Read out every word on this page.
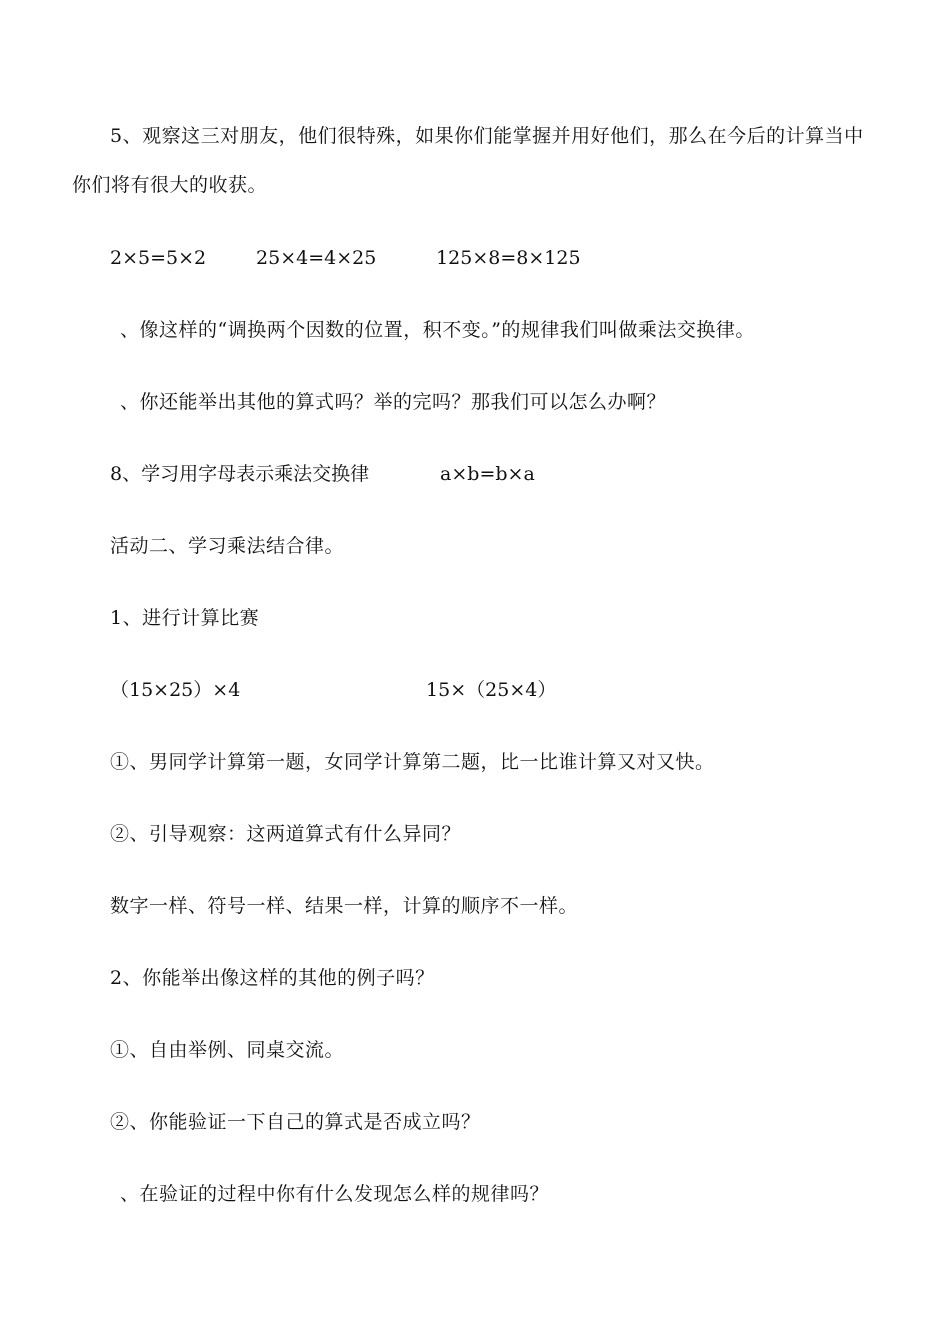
5、观察这三对朋友，他们很特殊，如果你们能掌握并用好他们，那么在今后的计算当中你们将有很大的收获。
2×5=5×2	25×4=4×25	125×8=8×125
、像这样的“调换两个因数的位置，积不变。”的规律我们叫做乘法交换律。
、你还能举出其他的算式吗？举的完吗？那我们可以怎么办啊？
8、学习用字母表示乘法交换律	a×b=b×a
活动二、学习乘法结合律。
1、进行计算比赛
（15×25）×4	15×（25×4）
①、男同学计算第一题，女同学计算第二题，比一比谁计算又对又快。
②、引导观察：这两道算式有什么异同？
数字一样、符号一样、结果一样，计算的顺序不一样。
2、你能举出像这样的其他的例子吗？
①、自由举例、同桌交流。
②、你能验证一下自己的算式是否成立吗？
、在验证的过程中你有什么发现怎么样的规律吗？
